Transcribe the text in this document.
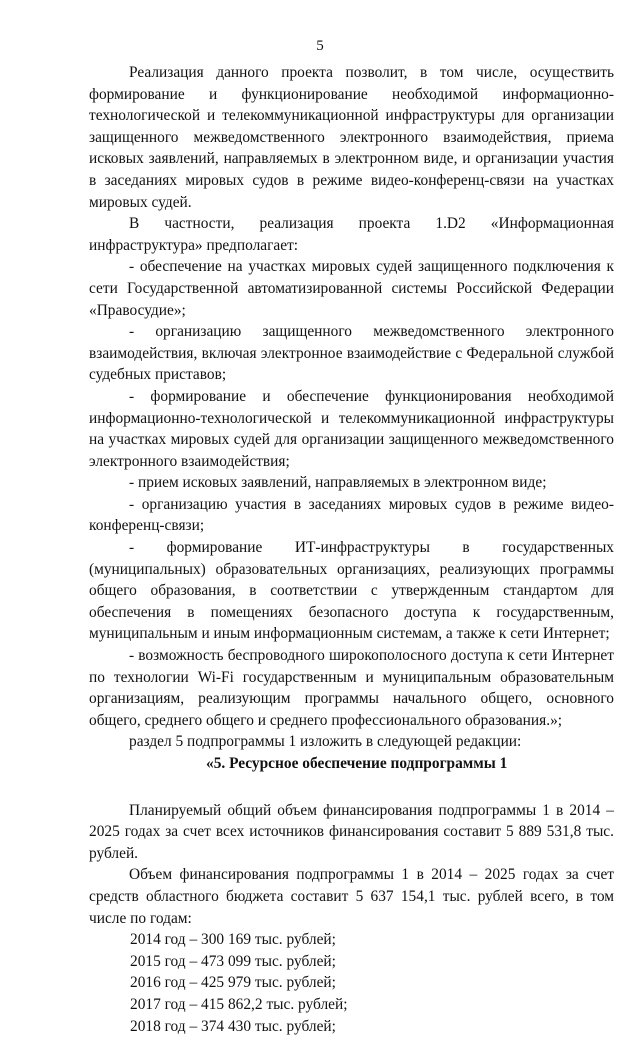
5

Реализация данного проекта позволит, в том числе, осуществить формирование и функционирование необходимой информационно-технологической и телекоммуникационной инфраструктуры для организации защищенного межведомственного электронного взаимодействия, приема исковых заявлений, направляемых в электронном виде, и организации участия в заседаниях мировых судов в режиме видео-конференц-связи на участках мировых судей.

В частности, реализация проекта 1.D2 «Информационная инфраструктура» предполагает:

- обеспечение на участках мировых судей защищенного подключения к сети Государственной автоматизированной системы Российской Федерации «Правосудие»;

- организацию защищенного межведомственного электронного взаимодействия, включая электронное взаимодействие с Федеральной службой судебных приставов;

- формирование и обеспечение функционирования необходимой информационно-технологической и телекоммуникационной инфраструктуры на участках мировых судей для организации защищенного межведомственного электронного взаимодействия;

- прием исковых заявлений, направляемых в электронном виде;

- организацию участия в заседаниях мировых судов в режиме видео-конференц-связи;

- формирование ИТ-инфраструктуры в государственных (муниципальных) образовательных организациях, реализующих программы общего образования, в соответствии с утвержденным стандартом для обеспечения в помещениях безопасного доступа к государственным, муниципальным и иным информационным системам, а также к сети Интернет;

- возможность беспроводного широкополосного доступа к сети Интернет по технологии Wi-Fi государственным и муниципальным образовательным организациям, реализующим программы начального общего, основного общего, среднего общего и среднего профессионального образования.»;

раздел 5 подпрограммы 1 изложить в следующей редакции:

«5. Ресурсное обеспечение подпрограммы 1

Планируемый общий объем финансирования подпрограммы 1 в 2014 – 2025 годах за счет всех источников финансирования составит 5 889 531,8 тыс. рублей.

Объем финансирования подпрограммы 1 в 2014 – 2025 годах за счет средств областного бюджета составит 5 637 154,1 тыс. рублей всего, в том числе по годам:

2014 год – 300 169 тыс. рублей;
2015 год – 473 099 тыс. рублей;
2016 год – 425 979 тыс. рублей;
2017 год – 415 862,2 тыс. рублей;
2018 год – 374 430 тыс. рублей;
